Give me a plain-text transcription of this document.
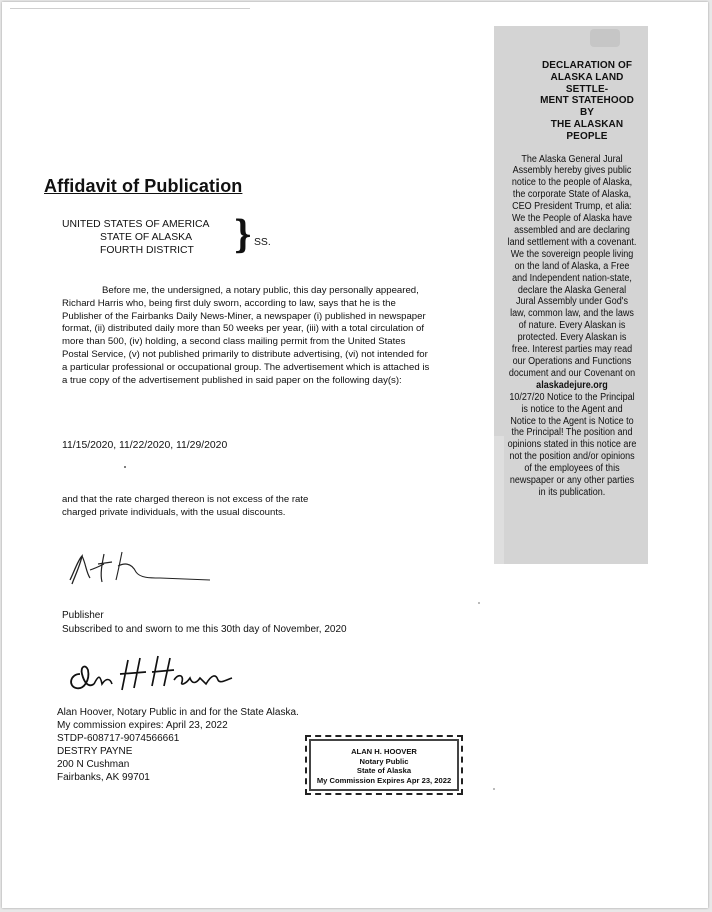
Affidavit of Publication
UNITED STATES OF AMERICA
STATE OF ALASKA
FOURTH DISTRICT	} SS.

Before me, the undersigned, a notary public, this day personally appeared, Richard Harris who, being first duly sworn, according to law, says that he is the Publisher of the Fairbanks Daily News-Miner, a newspaper (i) published in newspaper format, (ii) distributed daily more than 50 weeks per year, (iii) with a total circulation of more than 500, (iv) holding, a second class mailing permit from the United States Postal Service, (v) not published primarily to distribute advertising, (vi) not intended for a particular professional or occupational group. The advertisement which is attached is a true copy of the advertisement published in said paper on the following day(s):

11/15/2020, 11/22/2020, 11/29/2020

and that the rate charged thereon is not excess of the rate charged private individuals, with the usual discounts.

Publisher
Subscribed to and sworn to me this 30th day of November, 2020
Alan Hoover, Notary Public in and for the State Alaska.
My commission expires: April 23, 2022
STDP-608717-9074566661
DESTRY PAYNE
200 N Cushman
Fairbanks, AK 99701
ALAN H. HOOVER
Notary Public
State of Alaska
My Commission Expires Apr 23, 2022
DECLARATION OF
ALASKA LAND SETTLE-
MENT STATEHOOD BY
THE ALASKAN PEOPLE

The Alaska General Jural Assembly hereby gives public notice to the people of Alaska, the corporate State of Alaska, CEO President Trump, et alia: We the People of Alaska have assembled and are declaring land settlement with a covenant. We the sovereign people living on the land of Alaska, a Free and Independent nation-state, declare the Alaska General Jural Assembly under God's law, common law, and the laws of nature. Every Alaskan is protected. Every Alaskan is free. Interest parties may read our Operations and Functions document and our Covenant on
alaskadejure.org
10/27/20 Notice to the Principal is notice to the Agent and Notice to the Agent is Notice to the Principal! The position and opinions stated in this notice are not the position and/or opinions of the employees of this newspaper or any other parties in its publication.
